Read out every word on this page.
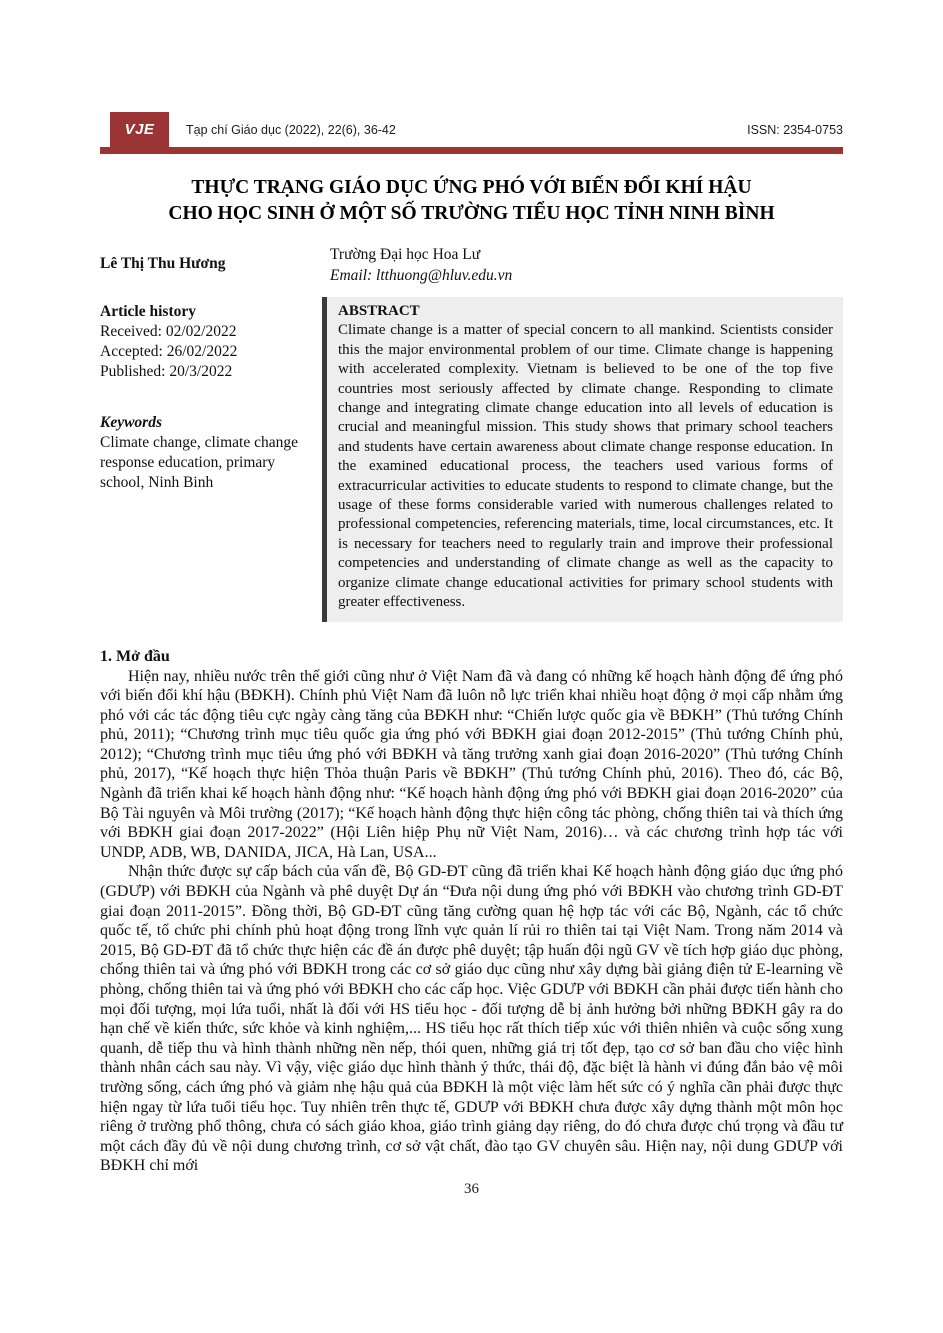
VJE	Tạp chí Giáo dục (2022), 22(6), 36-42	ISSN: 2354-0753
THỰC TRẠNG GIÁO DỤC ỨNG PHÓ VỚI BIẾN ĐỔI KHÍ HẬU
CHO HỌC SINH Ở MỘT SỐ TRƯỜNG TIỂU HỌC TỈNH NINH BÌNH
Lê Thị Thu Hương
Trường Đại học Hoa Lư
Email: ltthuong@hluv.edu.vn
Article history
Received: 02/02/2022
Accepted: 26/02/2022
Published: 20/3/2022
Keywords
Climate change, climate change response education, primary school, Ninh Binh
ABSTRACT
Climate change is a matter of special concern to all mankind. Scientists consider this the major environmental problem of our time. Climate change is happening with accelerated complexity. Vietnam is believed to be one of the top five countries most seriously affected by climate change. Responding to climate change and integrating climate change education into all levels of education is crucial and meaningful mission. This study shows that primary school teachers and students have certain awareness about climate change response education. In the examined educational process, the teachers used various forms of extracurricular activities to educate students to respond to climate change, but the usage of these forms considerable varied with numerous challenges related to professional competencies, referencing materials, time, local circumstances, etc. It is necessary for teachers need to regularly train and improve their professional competencies and understanding of climate change as well as the capacity to organize climate change educational activities for primary school students with greater effectiveness.
1. Mở đầu

Hiện nay, nhiều nước trên thế giới cũng như ở Việt Nam đã và đang có những kế hoạch hành động để ứng phó với biến đổi khí hậu (BĐKH). Chính phủ Việt Nam đã luôn nỗ lực triển khai nhiều hoạt động ở mọi cấp nhằm ứng phó với các tác động tiêu cực ngày càng tăng của BĐKH như: “Chiến lược quốc gia về BĐKH” (Thủ tướng Chính phủ, 2011); “Chương trình mục tiêu quốc gia ứng phó với BĐKH giai đoạn 2012-2015” (Thủ tướng Chính phủ, 2012); “Chương trình mục tiêu ứng phó với BĐKH và tăng trưởng xanh giai đoạn 2016-2020” (Thủ tướng Chính phủ, 2017), “Kế hoạch thực hiện Thỏa thuận Paris về BĐKH” (Thủ tướng Chính phủ, 2016). Theo đó, các Bộ, Ngành đã triển khai kế hoạch hành động như: “Kế hoạch hành động ứng phó với BĐKH giai đoạn 2016-2020” của Bộ Tài nguyên và Môi trường (2017); “Kế hoạch hành động thực hiện công tác phòng, chống thiên tai và thích ứng với BĐKH giai đoạn 2017-2022” (Hội Liên hiệp Phụ nữ Việt Nam, 2016)… và các chương trình hợp tác với UNDP, ADB, WB, DANIDA, JICA, Hà Lan, USA...

Nhận thức được sự cấp bách của vấn đề, Bộ GD-ĐT cũng đã triển khai Kế hoạch hành động giáo dục ứng phó (GDƯP) với BĐKH của Ngành và phê duyệt Dự án “Đưa nội dung ứng phó với BĐKH vào chương trình GD-ĐT giai đoạn 2011-2015”. Đồng thời, Bộ GD-ĐT cũng tăng cường quan hệ hợp tác với các Bộ, Ngành, các tổ chức quốc tế, tổ chức phi chính phủ hoạt động trong lĩnh vực quản lí rủi ro thiên tai tại Việt Nam. Trong năm 2014 và 2015, Bộ GD-ĐT đã tổ chức thực hiện các đề án được phê duyệt; tập huấn đội ngũ GV về tích hợp giáo dục phòng, chống thiên tai và ứng phó với BĐKH trong các cơ sở giáo dục cũng như xây dựng bài giảng điện tử E-learning về phòng, chống thiên tai và ứng phó với BĐKH cho các cấp học. Việc GDƯP với BĐKH cần phải được tiến hành cho mọi đối tượng, mọi lứa tuổi, nhất là đối với HS tiểu học - đối tượng dễ bị ảnh hưởng bởi những BĐKH gây ra do hạn chế về kiến thức, sức khỏe và kinh nghiệm,... HS tiểu học rất thích tiếp xúc với thiên nhiên và cuộc sống xung quanh, dễ tiếp thu và hình thành những nền nếp, thói quen, những giá trị tốt đẹp, tạo cơ sở ban đầu cho việc hình thành nhân cách sau này. Vì vậy, việc giáo dục hình thành ý thức, thái độ, đặc biệt là hành vi đúng đắn bảo vệ môi trường sống, cách ứng phó và giảm nhẹ hậu quả của BĐKH là một việc làm hết sức có ý nghĩa cần phải được thực hiện ngay từ lứa tuổi tiểu học. Tuy nhiên trên thực tế, GDƯP với BĐKH chưa được xây dựng thành một môn học riêng ở trường phổ thông, chưa có sách giáo khoa, giáo trình giảng dạy riêng, do đó chưa được chú trọng và đầu tư một cách đầy đủ về nội dung chương trình, cơ sở vật chất, đào tạo GV chuyên sâu. Hiện nay, nội dung GDƯP với BĐKH chỉ mới

36
